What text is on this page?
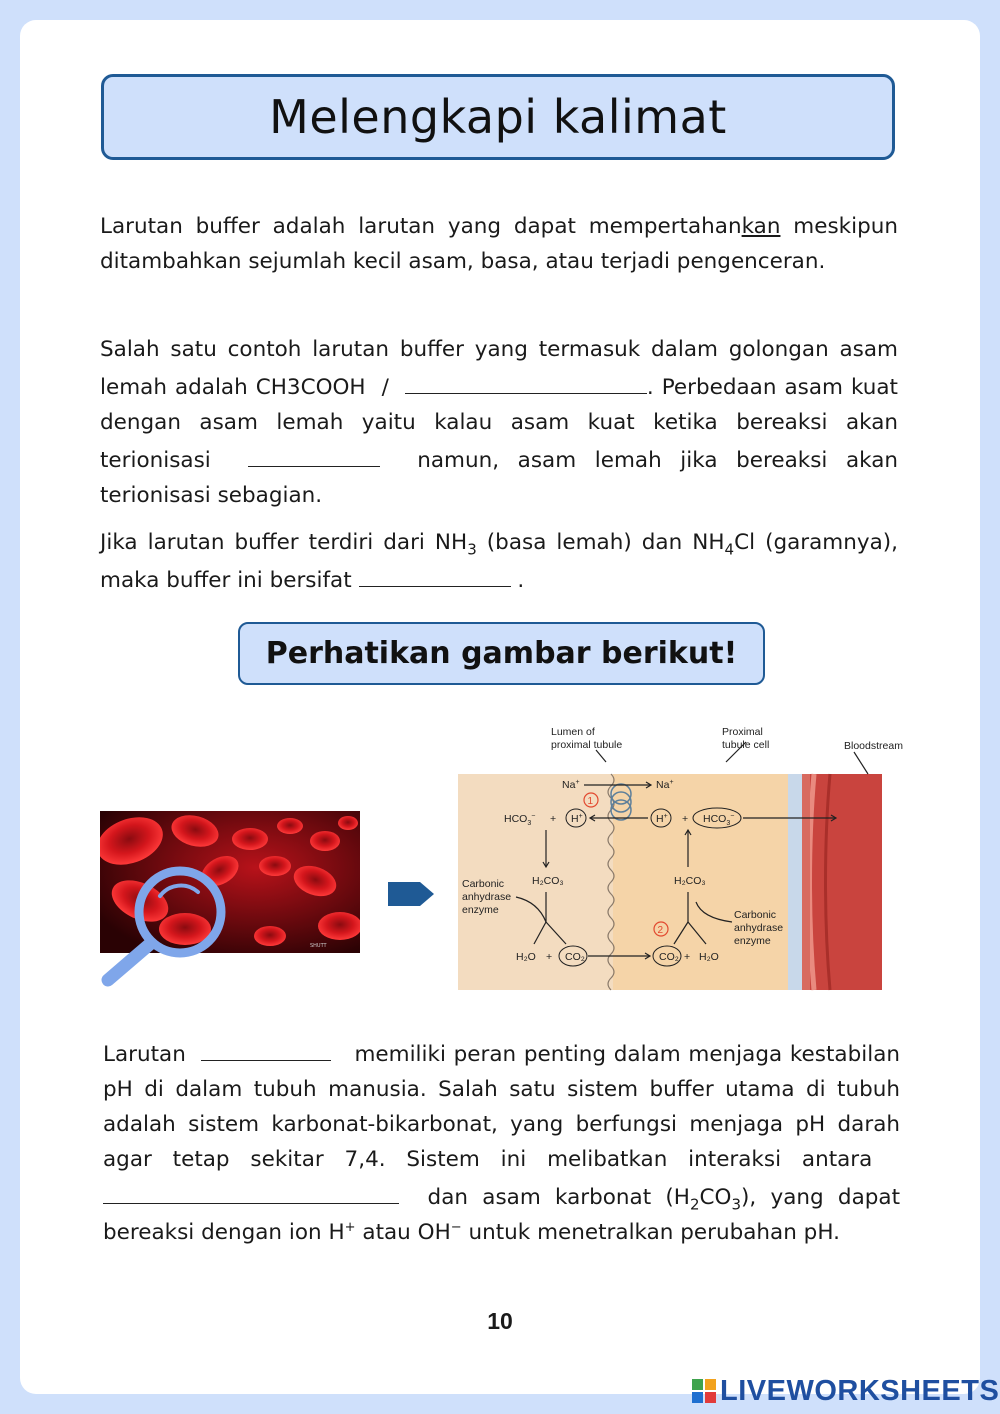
Melengkapi kalimat

Larutan buffer adalah larutan yang dapat mempertahankan meskipun ditambahkan sejumlah kecil asam, basa, atau terjadi pengenceran.

Salah satu contoh larutan buffer yang termasuk dalam golongan asam lemah adalah CH3COOH /	. Perbedaan asam kuat dengan asam lemah yaitu kalau asam kuat ketika bereaksi akan terionisasi	namun, asam lemah jika bereaksi akan terionisasi sebagian.

Jika larutan buffer terdiri dari $NH_3$ (basa lemah) dan $NH_4Cl$ (garamnya), maka buffer ini bersifat	.

Perhatikan gambar berikut!
SHUTT
Lumen of
proximal tubule
Proximal
tubule cell	Bloodstream
Na+	Na+
$HCO_3^- + H^+$	$H^+ + HCO_3^-$
H₂CO₃	H₂CO₃
Carbonic
anhydrase
enzyme	Carbonic
anhydrase
enzyme
H₂O + CO₂	CO₂ + H₂O
1
2

Larutan	memiliki peran penting dalam menjaga kestabilan pH di dalam tubuh manusia. Salah satu sistem buffer utama di tubuh adalah sistem karbonat-bikarbonat, yang berfungsi menjaga pH darah agar tetap sekitar 7,4. Sistem ini melibatkan interaksi antara    dan asam karbonat $(H_2CO_3)$, yang dapat bereaksi dengan ion H+ atau OH− untuk menetralkan perubahan pH.

10
LIVEWORKSHEETS
